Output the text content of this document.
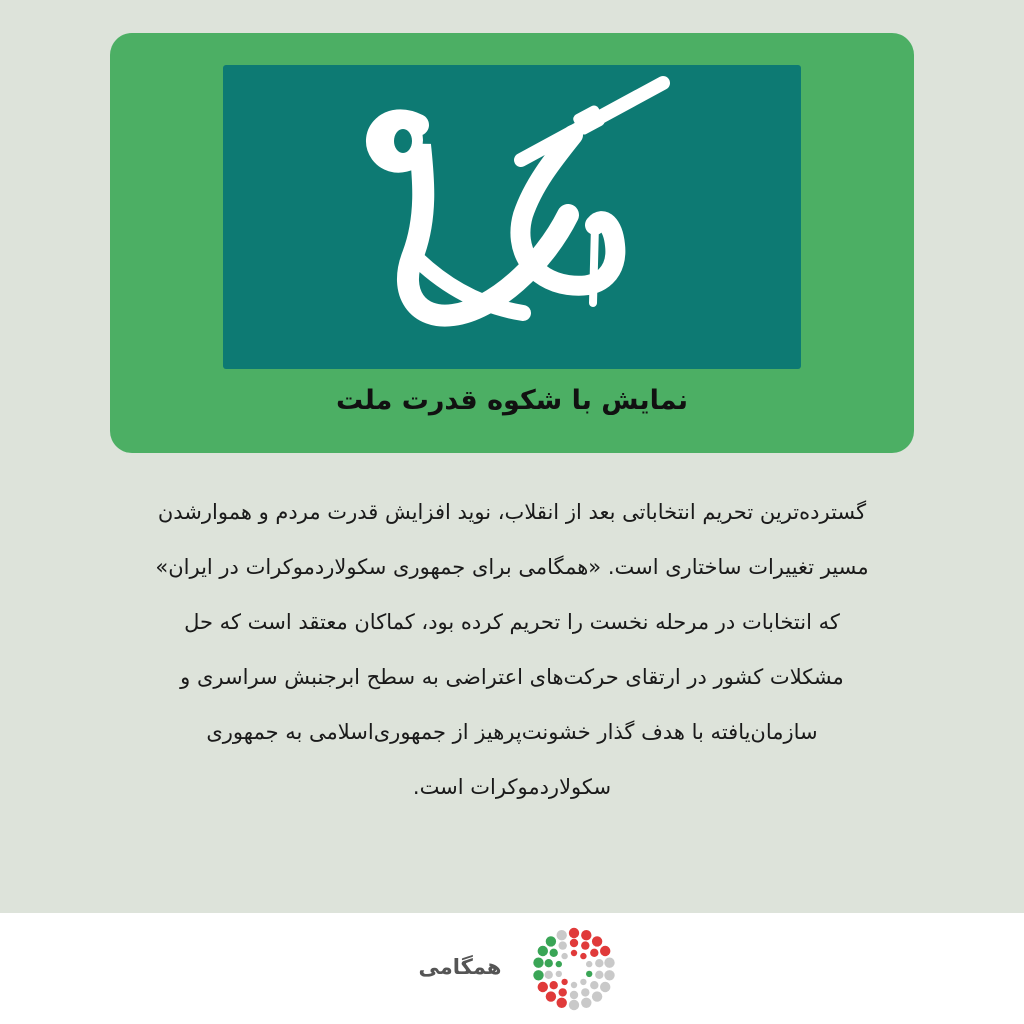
نمایش با شکوه قدرت ملت
گسترده‌ترین تحریم انتخاباتی بعد از انقلاب، نوید افزایش قدرت مردم و هموارشدن
مسیر تغییرات ساختاری است. «همگامی برای جمهوری سکولاردموکرات در ایران»
که انتخابات در مرحله نخست را تحریم کرده بود، کماکان معتقد است که حل
مشکلات کشور در ارتقای حرکت‌های اعتراضی به سطح ابرجنبش سراسری و
سازمان‌یافته با هدف گذار خشونت‌پرهیز از جمهوری‌اسلامی به جمهوری
سکولاردموکرات است.
همگامی
